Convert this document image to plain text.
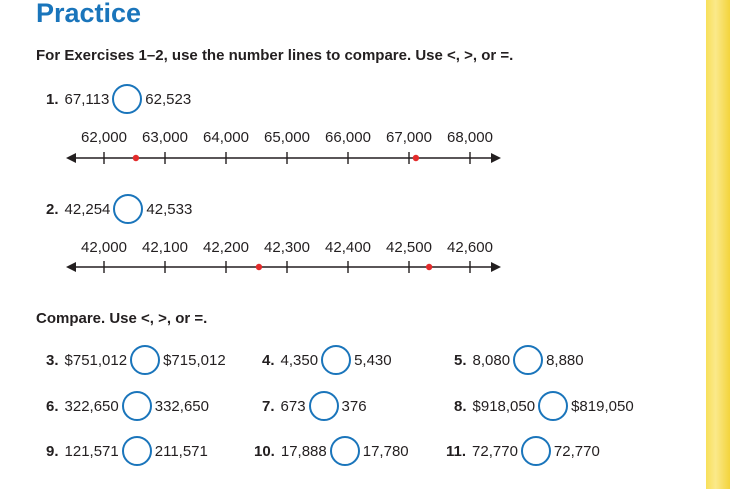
Practice
For Exercises 1–2, use the number lines to compare. Use <, >, or =.
1. 67,113 62,523
62,000 63,000 64,000 65,000 66,000 67,000 68,000
2. 42,254 42,533
42,000 42,100 42,200 42,300 42,400 42,500 42,600
Compare. Use <, >, or =.
3. $751,012 $715,012 4. 4,350 5,430	5. 8,080 8,880
6. 322,650 332,650	7. 673 376	8. $918,050 $819,050
9. 121,571 211,571	10. 17,888 17,780 11. 72,770 72,770
